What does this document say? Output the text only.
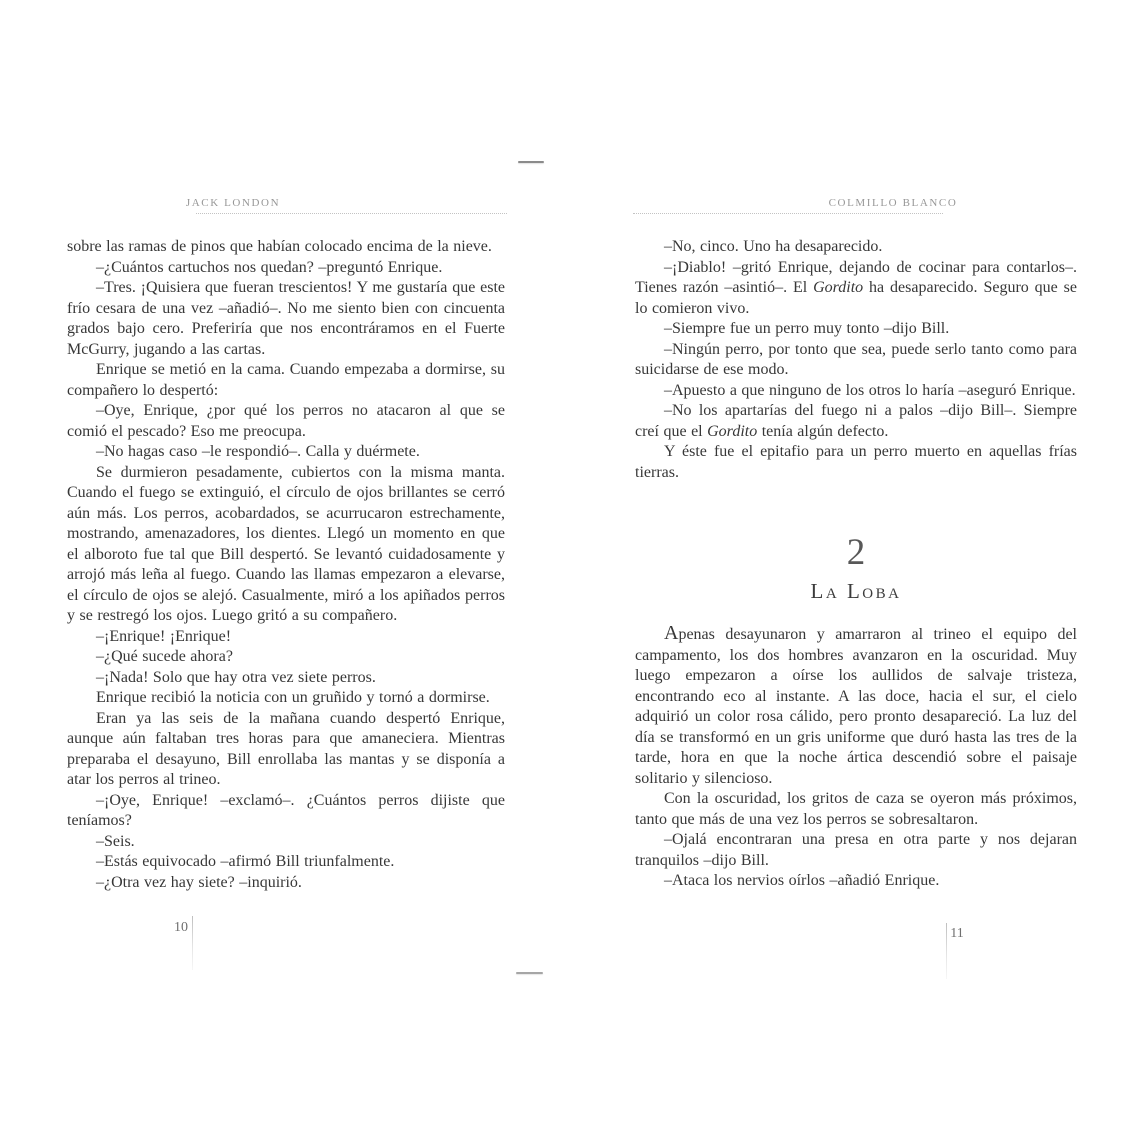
JACK LONDON	COLMILLO BLANCO

sobre las ramas de pinos que habían colocado encima de la nieve.

–¿Cuántos cartuchos nos quedan? –preguntó Enrique.

–Tres. ¡Quisiera que fueran trescientos! Y me gustaría que este frío cesara de una vez –añadió–. No me siento bien con cincuenta grados bajo cero. Preferiría que nos encontráramos en el Fuerte McGurry, jugando a las cartas.

Enrique se metió en la cama. Cuando empezaba a dormirse, su compañero lo despertó:

–Oye, Enrique, ¿por qué los perros no atacaron al que se comió el pescado? Eso me preocupa.

–No hagas caso –le respondió–. Calla y duérmete.

Se durmieron pesadamente, cubiertos con la misma manta. Cuando el fuego se extinguió, el círculo de ojos brillantes se cerró aún más. Los perros, acobardados, se acurrucaron estrechamente, mostrando, amenazadores, los dientes. Llegó un momento en que el alboroto fue tal que Bill despertó. Se levantó cuidadosamente y arrojó más leña al fuego. Cuando las llamas empezaron a elevarse, el círculo de ojos se alejó. Casualmente, miró a los apiñados perros y se restregó los ojos. Luego gritó a su compañero.

–¡Enrique! ¡Enrique!

–¿Qué sucede ahora?

–¡Nada! Solo que hay otra vez siete perros.

Enrique recibió la noticia con un gruñido y tornó a dormirse.

Eran ya las seis de la mañana cuando despertó Enrique, aunque aún faltaban tres horas para que amaneciera. Mientras preparaba el desayuno, Bill enrollaba las mantas y se disponía a atar los perros al trineo.

–¡Oye, Enrique! –exclamó–. ¿Cuántos perros dijiste que teníamos?

–Seis.

–Estás equivocado –afirmó Bill triunfalmente.

–¿Otra vez hay siete? –inquirió.

–No, cinco. Uno ha desaparecido.

–¡Diablo! –gritó Enrique, dejando de cocinar para contarlos–. Tienes razón –asintió–. El Gordito ha desaparecido. Seguro que se lo comieron vivo.

–Siempre fue un perro muy tonto –dijo Bill.

–Ningún perro, por tonto que sea, puede serlo tanto como para suicidarse de ese modo.

–Apuesto a que ninguno de los otros lo haría –aseguró Enrique.

–No los apartarías del fuego ni a palos –dijo Bill–. Siempre creí que el Gordito tenía algún defecto.

Y éste fue el epitafio para un perro muerto en aquellas frías tierras.

2
La Loba

Apenas desayunaron y amarraron al trineo el equipo del campamento, los dos hombres avanzaron en la oscuridad. Muy luego empezaron a oírse los aullidos de salvaje tristeza, encontrando eco al instante. A las doce, hacia el sur, el cielo adquirió un color rosa cálido, pero pronto desapareció. La luz del día se transformó en un gris uniforme que duró hasta las tres de la tarde, hora en que la noche ártica descendió sobre el paisaje solitario y silencioso.

Con la oscuridad, los gritos de caza se oyeron más próximos, tanto que más de una vez los perros se sobresaltaron.

–Ojalá encontraran una presa en otra parte y nos dejaran tranquilos –dijo Bill.

–Ataca los nervios oírlos –añadió Enrique.

10	11
